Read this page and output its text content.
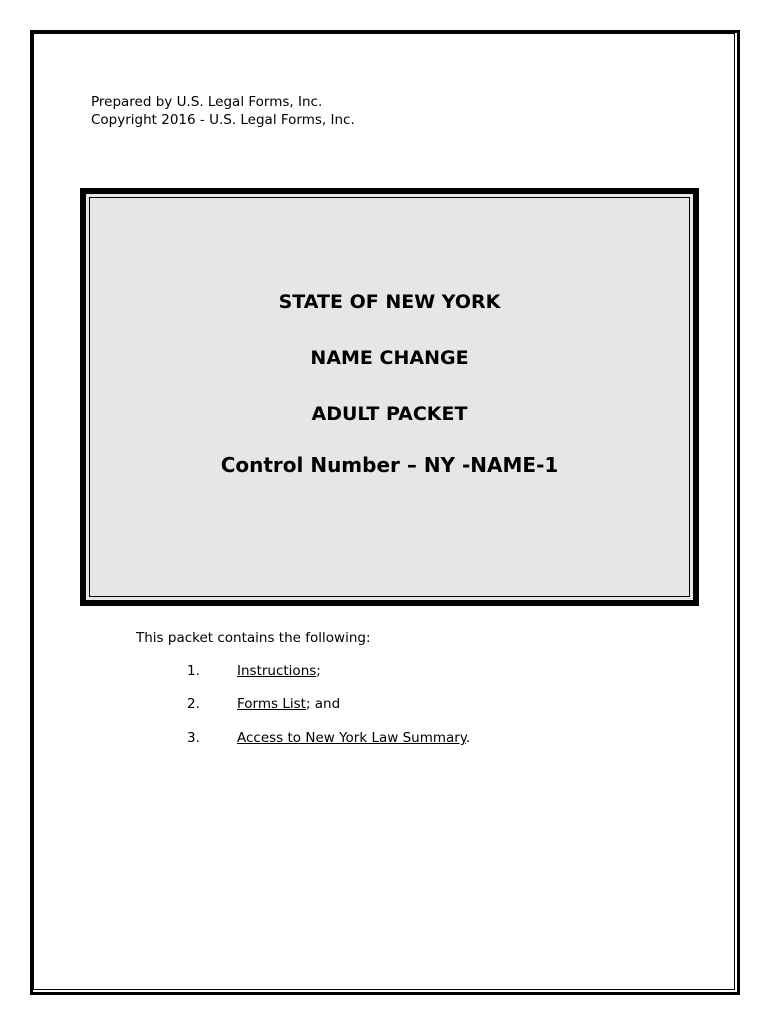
Prepared by U.S. Legal Forms, Inc.
Copyright 2016 - U.S. Legal Forms, Inc.
STATE OF NEW YORK
NAME CHANGE
ADULT PACKET
Control Number – NY -NAME-1
This packet contains the following:
1.	Instructions;
2.	Forms List; and
3.	Access to New York Law Summary.
